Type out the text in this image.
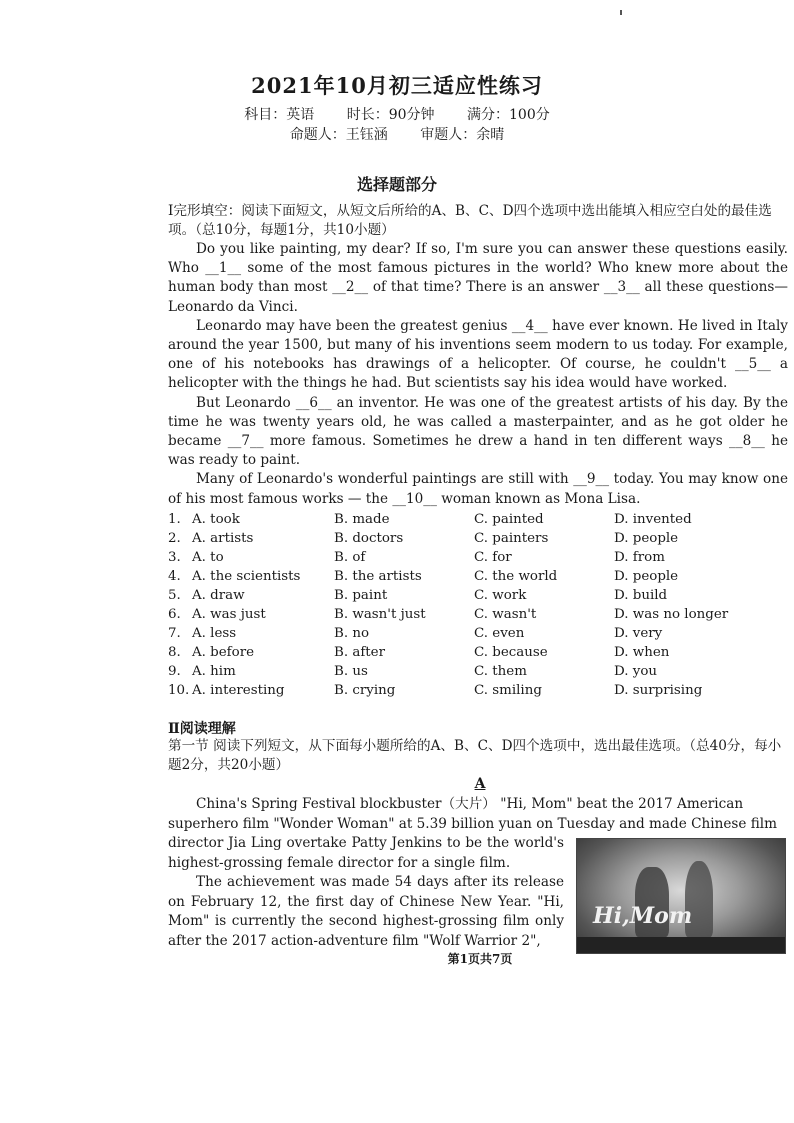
2021年10月初三适应性练习
科目：英语 时长：90分钟 满分：100分
命题人：王钰涵 审题人：余晴
选择题部分
Ⅰ完形填空：阅读下面短文，从短文后所给的A、B、C、D四个选项中选出能填入相应空白处的最佳选项。（总10分，每题1分，共10小题）

Do you like painting, my dear? If so, I'm sure you can answer these questions easily. Who __1__ some of the most famous pictures in the world? Who knew more about the human body than most __2__ of that time? There is an answer __3__ all these questions—Leonardo da Vinci.

Leonardo may have been the greatest genius __4__ have ever known. He lived in Italy around the year 1500, but many of his inventions seem modern to us today. For example, one of his notebooks has drawings of a helicopter. Of course, he couldn't __5__ a helicopter with the things he had. But scientists say his idea would have worked.

But Leonardo __6__ an inventor. He was one of the greatest artists of his day. By the time he was twenty years old, he was called a masterpainter, and as he got older he became __7__ more famous. Sometimes he drew a hand in ten different ways __8__ he was ready to paint.

Many of Leonardo's wonderful paintings are still with __9__ today. You may know one of his most famous works — the __10__ woman known as Mona Lisa.

1. A. took	B. made	C. painted	D. invented
2. A. artists	B. doctors	C. painters	D. people
3. A. to	B. of	C. for	D. from
4. A. the scientists	B. the artists	C. the world	D. people
5. A. draw	B. paint	C. work	D. build
6. A. was just	B. wasn't just	C. wasn't	D. was no longer
7. A. less	B. no	C. even	D. very
8. A. before	B. after	C. because	D. when
9. A. him	B. us	C. them	D. you
10. A. interesting	B. crying	C. smiling	D. surprising
Ⅱ阅读理解
第一节 阅读下列短文，从下面每小题所给的A、B、C、D四个选项中，选出最佳选项。（总40分，每小题2分，共20小题）
A

China's Spring Festival blockbuster（大片） "Hi, Mom" beat the 2017 American superhero film "Wonder Woman" at 5.39 billion yuan on Tuesday and made Chinese film

director Jia Ling overtake Patty Jenkins to be the world's highest-grossing female director for a single film.

The achievement was made 54 days after its release on February 12, the first day of Chinese New Year. "Hi, Mom" is currently the second highest-grossing film only after the 2017 action-adventure film "Wolf Warrior 2",

Hi,Mom
第1页共7页
